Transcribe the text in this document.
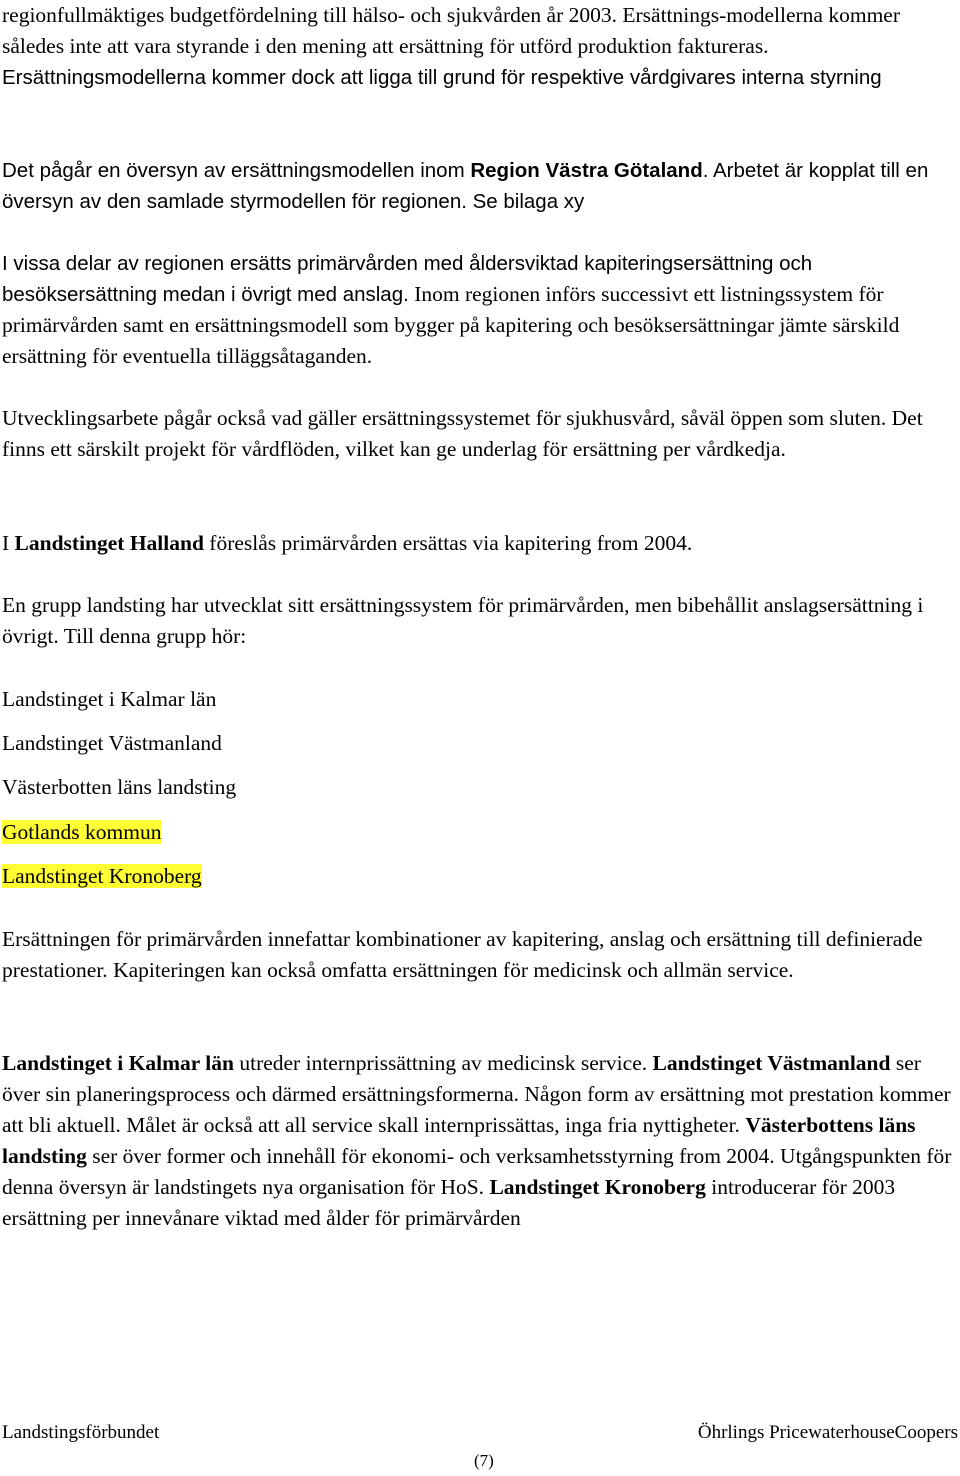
regionfullmäktiges budgetfördelning till hälso- och sjukvården år 2003. Ersättnings-modellerna kommer således inte att vara styrande i den mening att ersättning för utförd produktion faktureras. Ersättningsmodellerna kommer dock att ligga till grund för respektive vårdgivares interna styrning

Det pågår en översyn av ersättningsmodellen inom Region Västra Götaland. Arbetet är kopplat till en översyn av den samlade styrmodellen för regionen. Se bilaga xy

I vissa delar av regionen ersätts primärvården med åldersviktad kapiteringsersättning och besöksersättning medan i övrigt med anslag. Inom regionen införs successivt ett listningssystem för primärvården samt en ersättningsmodell som bygger på kapitering och besöksersättningar jämte särskild ersättning för eventuella tilläggsåtaganden.

Utvecklingsarbete pågår också vad gäller ersättningssystemet för sjukhusvård, såväl öppen som sluten. Det finns ett särskilt projekt för vårdflöden, vilket kan ge underlag för ersättning per vårdkedja.

I Landstinget Halland föreslås primärvården ersättas via kapitering from 2004.

En grupp landsting har utvecklat sitt ersättningssystem för primärvården, men bibehållit anslagsersättning i övrigt. Till denna grupp hör:

Landstinget i Kalmar län

Landstinget Västmanland

Västerbotten läns landsting

Gotlands kommun

Landstinget Kronoberg

Ersättningen för primärvården innefattar kombinationer av kapitering, anslag och ersättning till definierade prestationer. Kapiteringen kan också omfatta ersättningen för medicinsk och allmän service.

Landstinget i Kalmar län utreder internprissättning av medicinsk service. Landstinget Västmanland ser över sin planeringsprocess och därmed ersättningsformerna. Någon form av ersättning mot prestation kommer att bli aktuell. Målet är också att all service skall internprissättas, inga fria nyttigheter. Västerbottens läns landsting ser över former och innehåll för ekonomi- och verksamhetsstyrning from 2004. Utgångspunkten för denna översyn är landstingets nya organisation för HoS. Landstinget Kronoberg introducerar för 2003 ersättning per innevånare viktad med ålder för primärvården

Landstingsförbundet	Öhrlings PricewaterhouseCoopers
(7)
